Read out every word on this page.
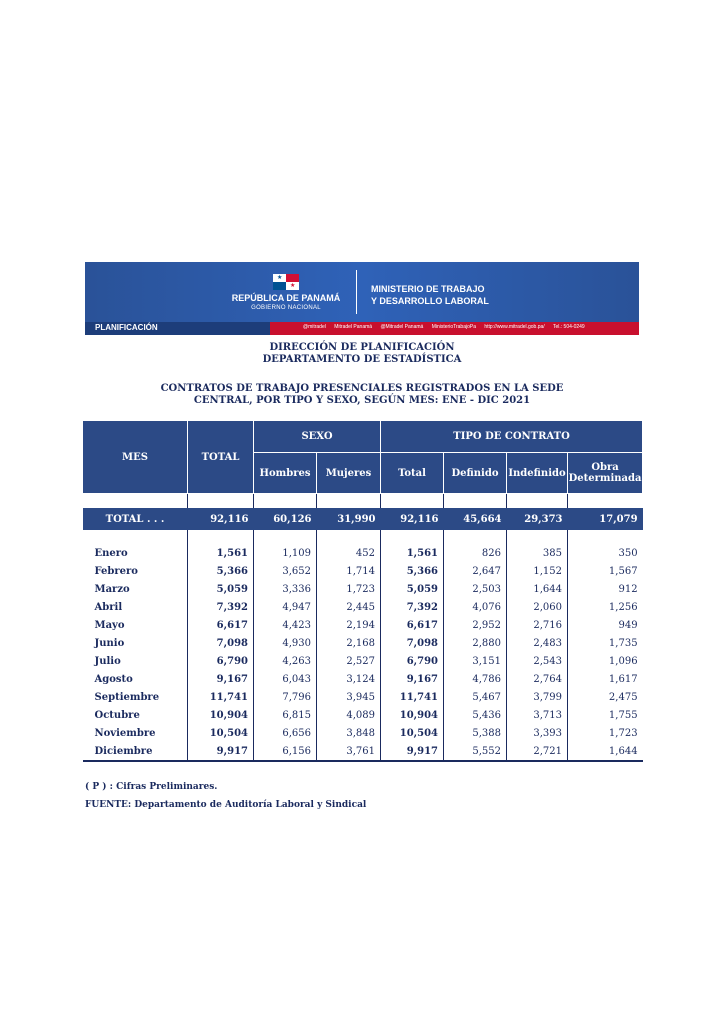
★
★
REPÚBLICA DE PANAMÁ
GOBIERNO NACIONAL
MINISTERIO DE TRABAJO
Y DESARROLLO LABORAL
PLANIFICACIÓN	@mitradel Mitradel Panamá @Mitradel Panamá MinisterioTrabajoPa http://www.mitradel.gob.pa/ Tel.: 504-0249
DIRECCIÓN DE PLANIFICACIÓN
DEPARTAMENTO DE ESTADÍSTICA
CONTRATOS DE TRABAJO PRESENCIALES REGISTRADOS EN LA SEDE
CENTRAL, POR TIPO Y SEXO, SEGÚN MES: ENE - DIC 2021
MES	TOTAL	SEXO		TIPO DE CONTRATO			
		Hombres	Mujeres	Total	Definido	Indefinido	Obra
Determinada

TOTAL . . .	92,116	60,126	31,990	92,116	45,664	29,373	17,079

Enero	1,561	1,109	452	1,561	826	385	350
Febrero	5,366	3,652	1,714	5,366	2,647	1,152	1,567
Marzo	5,059	3,336	1,723	5,059	2,503	1,644	912
Abril	7,392	4,947	2,445	7,392	4,076	2,060	1,256
Mayo	6,617	4,423	2,194	6,617	2,952	2,716	949
Junio	7,098	4,930	2,168	7,098	2,880	2,483	1,735
Julio	6,790	4,263	2,527	6,790	3,151	2,543	1,096
Agosto	9,167	6,043	3,124	9,167	4,786	2,764	1,617
Septiembre	11,741	7,796	3,945	11,741	5,467	3,799	2,475
Octubre	10,904	6,815	4,089	10,904	5,436	3,713	1,755
Noviembre	10,504	6,656	3,848	10,504	5,388	3,393	1,723
Diciembre	9,917	6,156	3,761	9,917	5,552	2,721	1,644
( P ) : Cifras Preliminares.
FUENTE: Departamento de Auditoría Laboral y Sindical
